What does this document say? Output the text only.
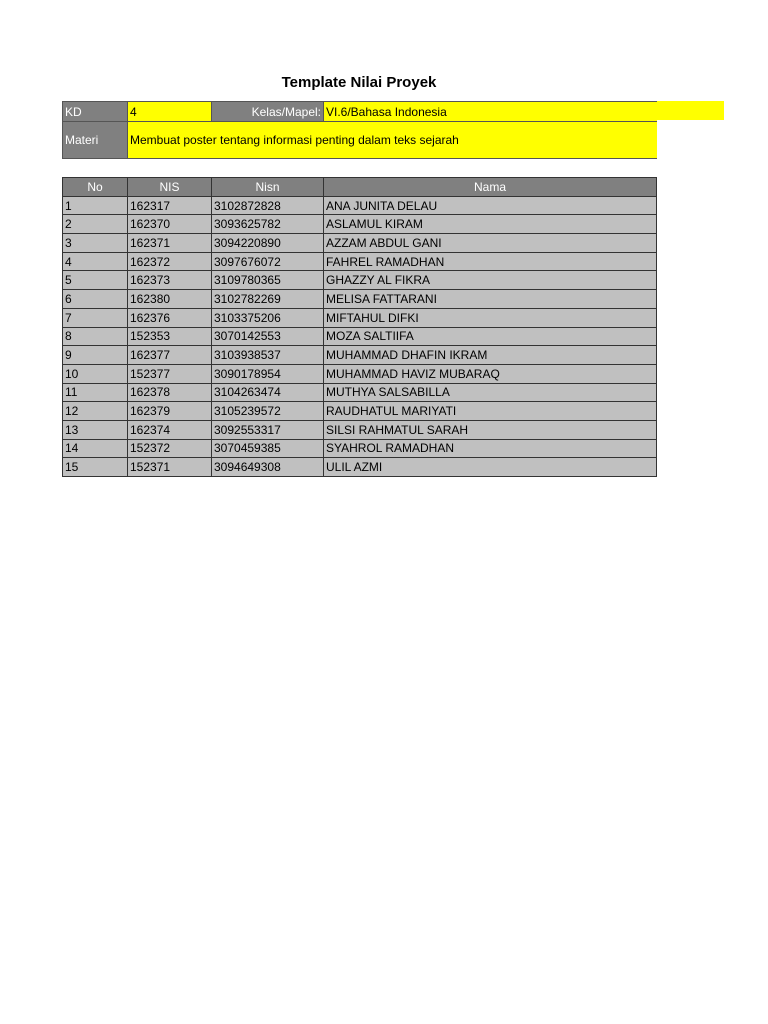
Template Nilai Proyek
KD	4	Kelas/Mapel:	VI.6/Bahasa Indonesia
Materi	Membuat poster tentang informasi penting dalam teks sejarah		
No	NIS	Nisn	Nama
1	162317	3102872828	ANA JUNITA DELAU
2	162370	3093625782	ASLAMUL KIRAM
3	162371	3094220890	AZZAM ABDUL GANI
4	162372	3097676072	FAHREL RAMADHAN
5	162373	3109780365	GHAZZY AL FIKRA
6	162380	3102782269	MELISA FATTARANI
7	162376	3103375206	MIFTAHUL DIFKI
8	152353	3070142553	MOZA SALTIIFA
9	162377	3103938537	MUHAMMAD DHAFIN IKRAM
10	152377	3090178954	MUHAMMAD HAVIZ MUBARAQ
11	162378	3104263474	MUTHYA SALSABILLA
12	162379	3105239572	RAUDHATUL MARIYATI
13	162374	3092553317	SILSI RAHMATUL SARAH
14	152372	3070459385	SYAHROL RAMADHAN
15	152371	3094649308	ULIL AZMI
